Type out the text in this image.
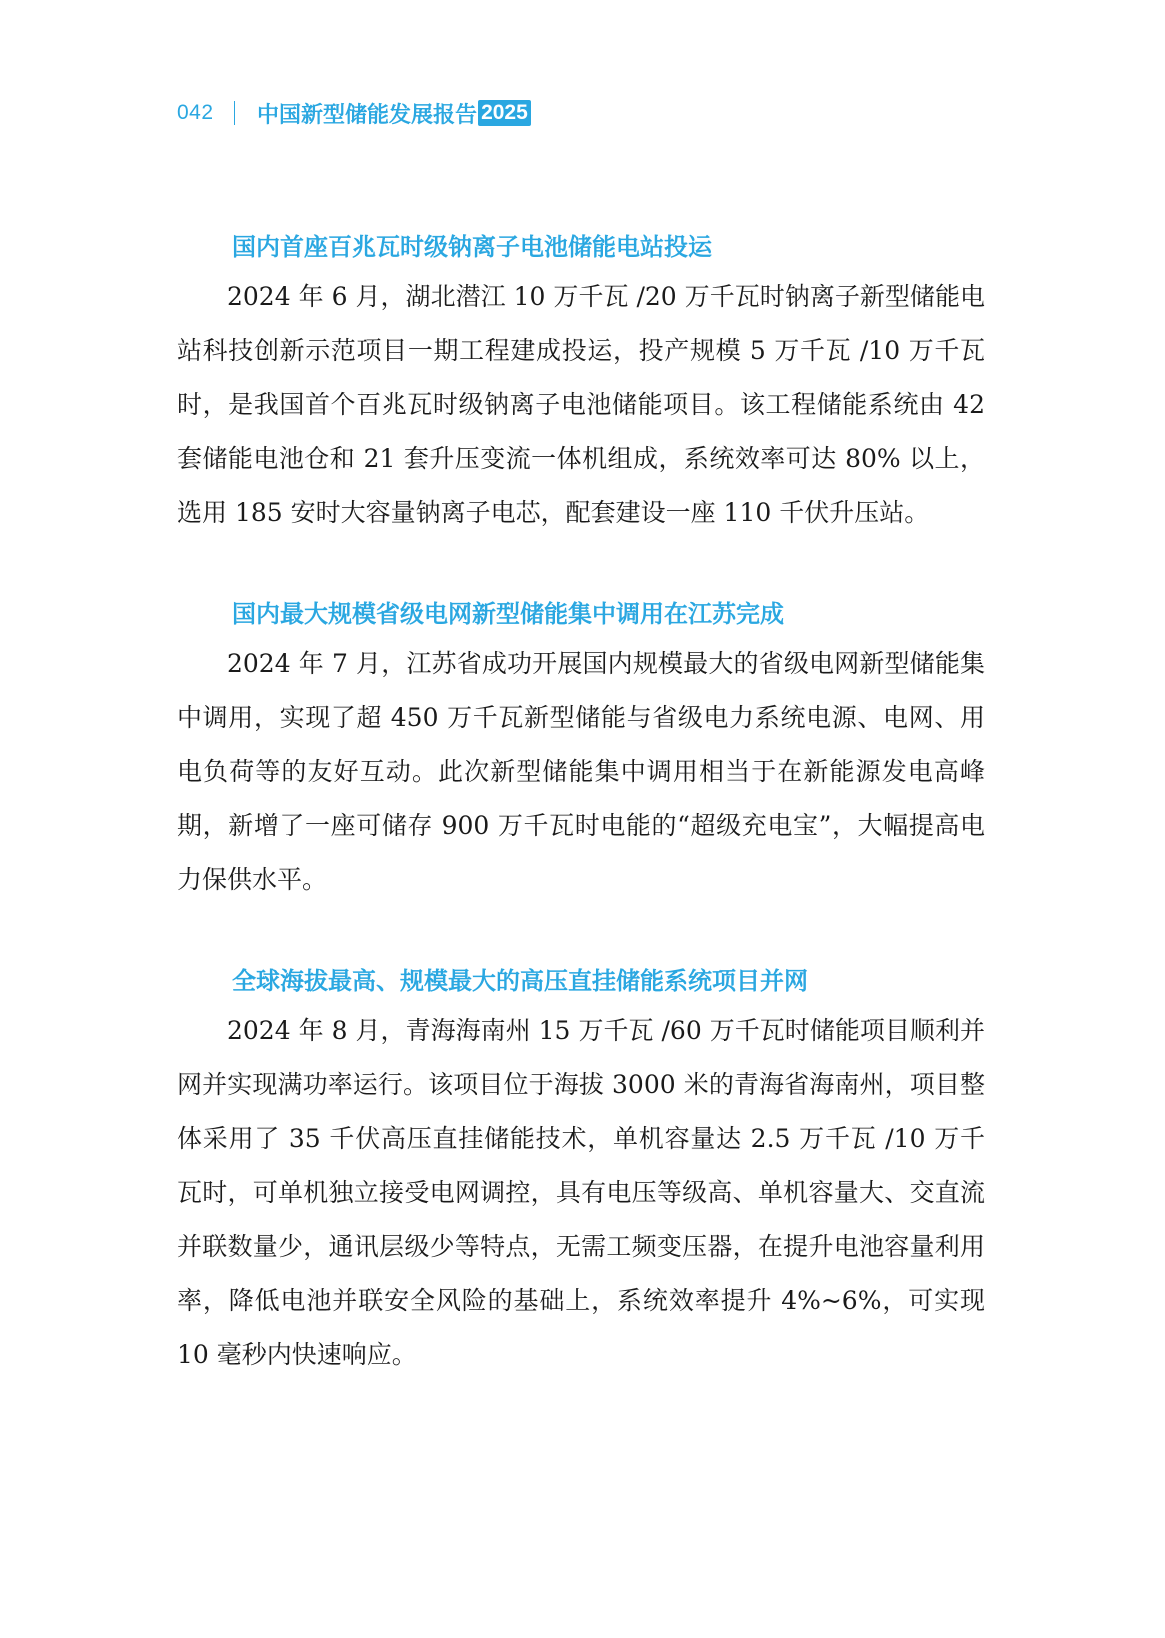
042 中国新型储能发展报告 2025
国内首座百兆瓦时级钠离子电池储能电站投运

2024 年 6 月，湖北潜江 10 万千瓦 /20 万千瓦时钠离子新型储能电站科技创新示范项目一期工程建成投运，投产规模 5 万千瓦 /10 万千瓦时，是我国首个百兆瓦时级钠离子电池储能项目。该工程储能系统由 42 套储能电池仓和 21 套升压变流一体机组成，系统效率可达 80% 以上，选用 185 安时大容量钠离子电芯，配套建设一座 110 千伏升压站。

国内最大规模省级电网新型储能集中调用在江苏完成

2024 年 7 月，江苏省成功开展国内规模最大的省级电网新型储能集中调用，实现了超 450 万千瓦新型储能与省级电力系统电源、电网、用电负荷等的友好互动。此次新型储能集中调用相当于在新能源发电高峰期，新增了一座可储存 900 万千瓦时电能的“超级充电宝”，大幅提高电力保供水平。

全球海拔最高、规模最大的高压直挂储能系统项目并网

2024 年 8 月，青海海南州 15 万千瓦 /60 万千瓦时储能项目顺利并网并实现满功率运行。该项目位于海拔 3000 米的青海省海南州，项目整体采用了 35 千伏高压直挂储能技术，单机容量达 2.5 万千瓦 /10 万千瓦时，可单机独立接受电网调控，具有电压等级高、单机容量大、交直流并联数量少，通讯层级少等特点，无需工频变压器，在提升电池容量利用率，降低电池并联安全风险的基础上，系统效率提升 4%~6%，可实现 10 毫秒内快速响应。
